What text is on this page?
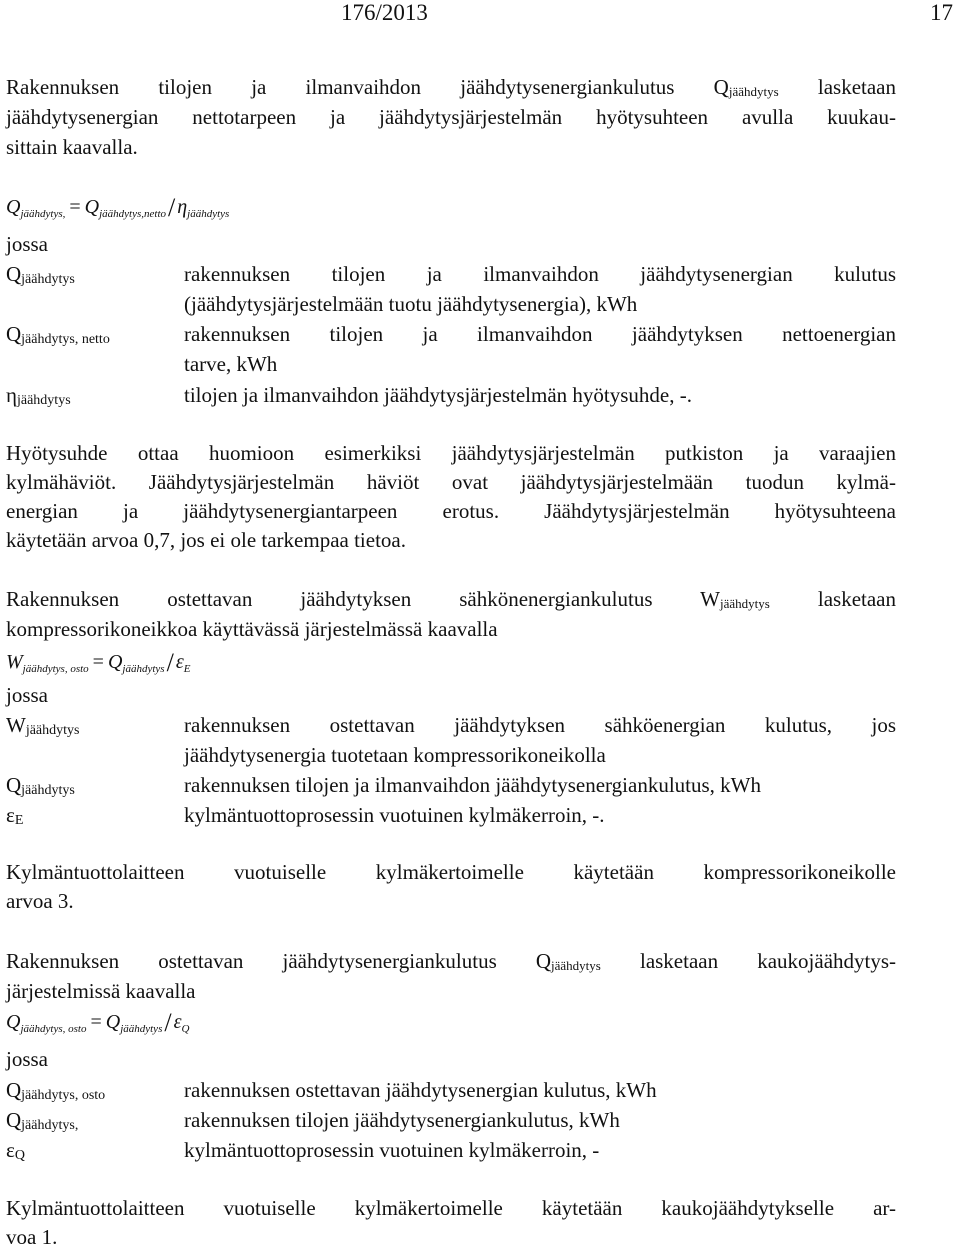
176/2013	17
Rakennuksen tilojen ja ilmanvaihdon jäähdytysenergiankulutus $Q_{jäähdytys}$ lasketaan
jäähdytysenergian nettotarpeen ja jäähdytysjärjestelmän hyötysuhteen avulla kuukau-
sittain kaavalla.
$Q_{jäähdytys,} = Q_{jäähdytys,netto}/$ $\eta_{jäähdytys}$
jossa
$Q_{jäähdytys}$	rakennuksen tilojen ja ilmanvaihdon jäähdytysenergian kulutus
(jäähdytysjärjestelmään tuotu jäähdytysenergia), kWh
$Q_{jäähdytys, netto}$	rakennuksen tilojen ja ilmanvaihdon jäähdytyksen nettoenergian
tarve, kWh
$\eta_{jäähdytys}$	tilojen ja ilmanvaihdon jäähdytysjärjestelmän hyötysuhde, -.
Hyötysuhde ottaa huomioon esimerkiksi jäähdytysjärjestelmän putkiston ja varaajien
kylmähäviöt. Jäähdytysjärjestelmän häviöt ovat jäähdytysjärjestelmään tuodun kylmä-
energian ja jäähdytysenergiantarpeen erotus. Jäähdytysjärjestelmän hyötysuhteena
käytetään arvoa 0,7, jos ei ole tarkempaa tietoa.
Rakennuksen ostettavan jäähdytyksen sähkönenergiankulutus $W_{jäähdytys}$ lasketaan
kompressorikoneikkoa käyttävässä järjestelmässä kaavalla
$W_{jäähdytys, osto} = Q_{jäähdytys}/$ $\varepsilon_E$
jossa
$W_{jäähdytys}$	rakennuksen ostettavan jäähdytyksen sähköenergian kulutus, jos
jäähdytysenergia tuotetaan kompressorikoneikolla
$Q_{jäähdytys}$	rakennuksen tilojen ja ilmanvaihdon jäähdytysenergiankulutus, kWh
$\varepsilon_E$	kylmäntuottoprosessin vuotuinen kylmäkerroin, -.
Kylmäntuottolaitteen vuotuiselle kylmäkertoimelle käytetään kompressorikoneikolle
arvoa 3.
Rakennuksen ostettavan jäähdytysenergiankulutus $Q_{jäähdytys}$ lasketaan kaukojäähdytys-
järjestelmissä kaavalla
$Q_{jäähdytys, osto} = Q_{jäähdytys}/$ $\varepsilon_Q$
jossa
$Q_{jäähdytys, osto}$	rakennuksen ostettavan jäähdytysenergian kulutus, kWh
$Q_{jäähdytys,}$	rakennuksen tilojen jäähdytysenergiankulutus, kWh
$\varepsilon_Q$	kylmäntuottoprosessin vuotuinen kylmäkerroin, -
Kylmäntuottolaitteen vuotuiselle kylmäkertoimelle käytetään kaukojäähdytykselle ar-
voa 1.
